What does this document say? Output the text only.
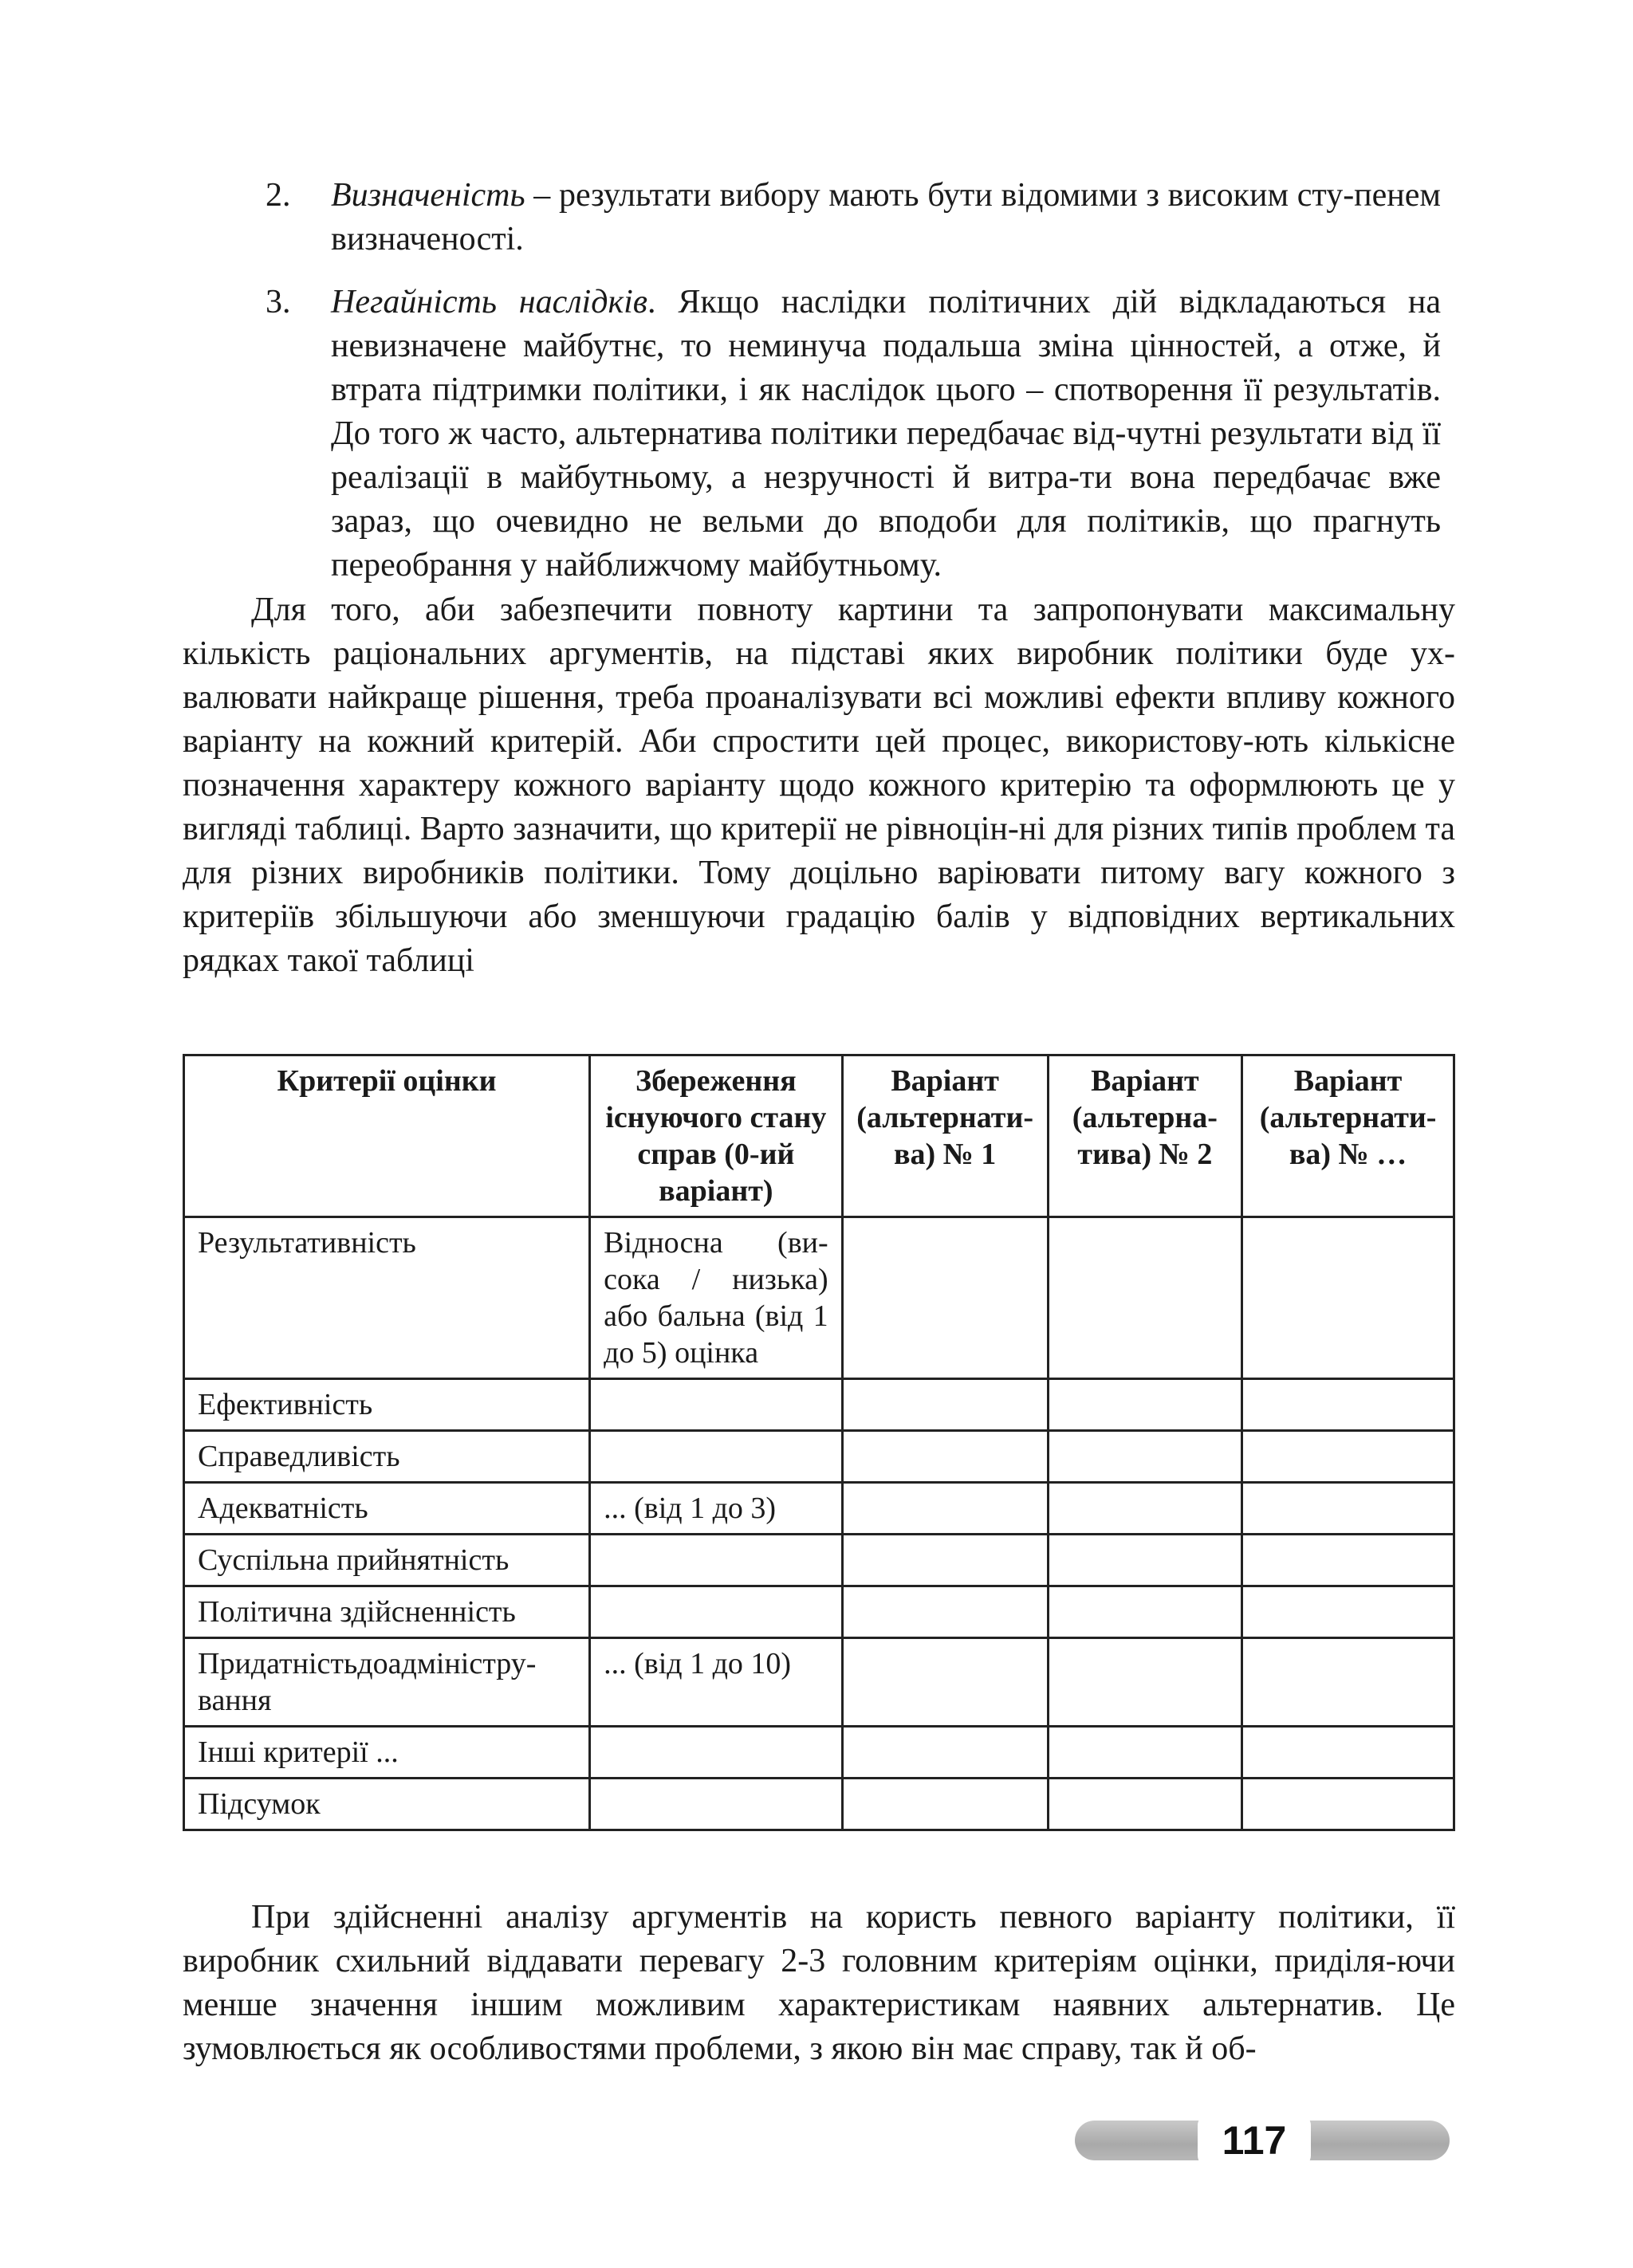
2. Визначеність – результати вибору мають бути відомими з високим сту-пенем визначеності.

3. Негайність наслідків. Якщо наслідки політичних дій відкладаються на невизначене майбутнє, то неминуча подальша зміна цінностей, а отже, й втрата підтримки політики, і як наслідок цього – спотворення її результатів. До того ж часто, альтернатива політики передбачає від-чутні результати від її реалізації в майбутньому, а незручності й витра-ти вона передбачає вже зараз, що очевидно не вельми до вподоби для політиків, що прагнуть переобрання у найближчому майбутньому.

Для того, аби забезпечити повноту картини та запропонувати максимальну кількість раціональних аргументів, на підставі яких виробник політики буде ух-валювати найкраще рішення, треба проаналізувати всі можливі ефекти впливу кожного варіанту на кожний критерій. Аби спростити цей процес, використову-ють кількісне позначення характеру кожного варіанту щодо кожного критерію та оформлюють це у вигляді таблиці. Варто зазначити, що критерії не рівноцін-ні для різних типів проблем та для різних виробників політики. Тому доцільно варіювати питому вагу кожного з критеріїв збільшуючи або зменшуючи градацію балів у відповідних вертикальних рядках такої таблиці

Критерії оцінки	Збереження існуючого стану справ (0-ий варіант)	Варіант (альтернати-ва) № 1	Варіант (альтерна-тива) № 2	Варіант (альтернати-ва) № …
Результативність	Відносна (ви-сока / низька) або бальна (від 1 до 5) оцінка			
Ефективність				
Справедливість				
Адекватність	... (від 1 до 3)			
Суспільна прийнятність				
Політична здійсненність				
Придатністьдоадміністру-вання	... (від 1 до 10)			
Інші критерії ...				
Підсумок				

При здійсненні аналізу аргументів на користь певного варіанту політики, її виробник схильний віддавати перевагу 2-3 головним критеріям оцінки, приділя-ючи менше значення іншим можливим характеристикам наявних альтернатив. Це зумовлюється як особливостями проблеми, з якою він має справу, так й об-

117
